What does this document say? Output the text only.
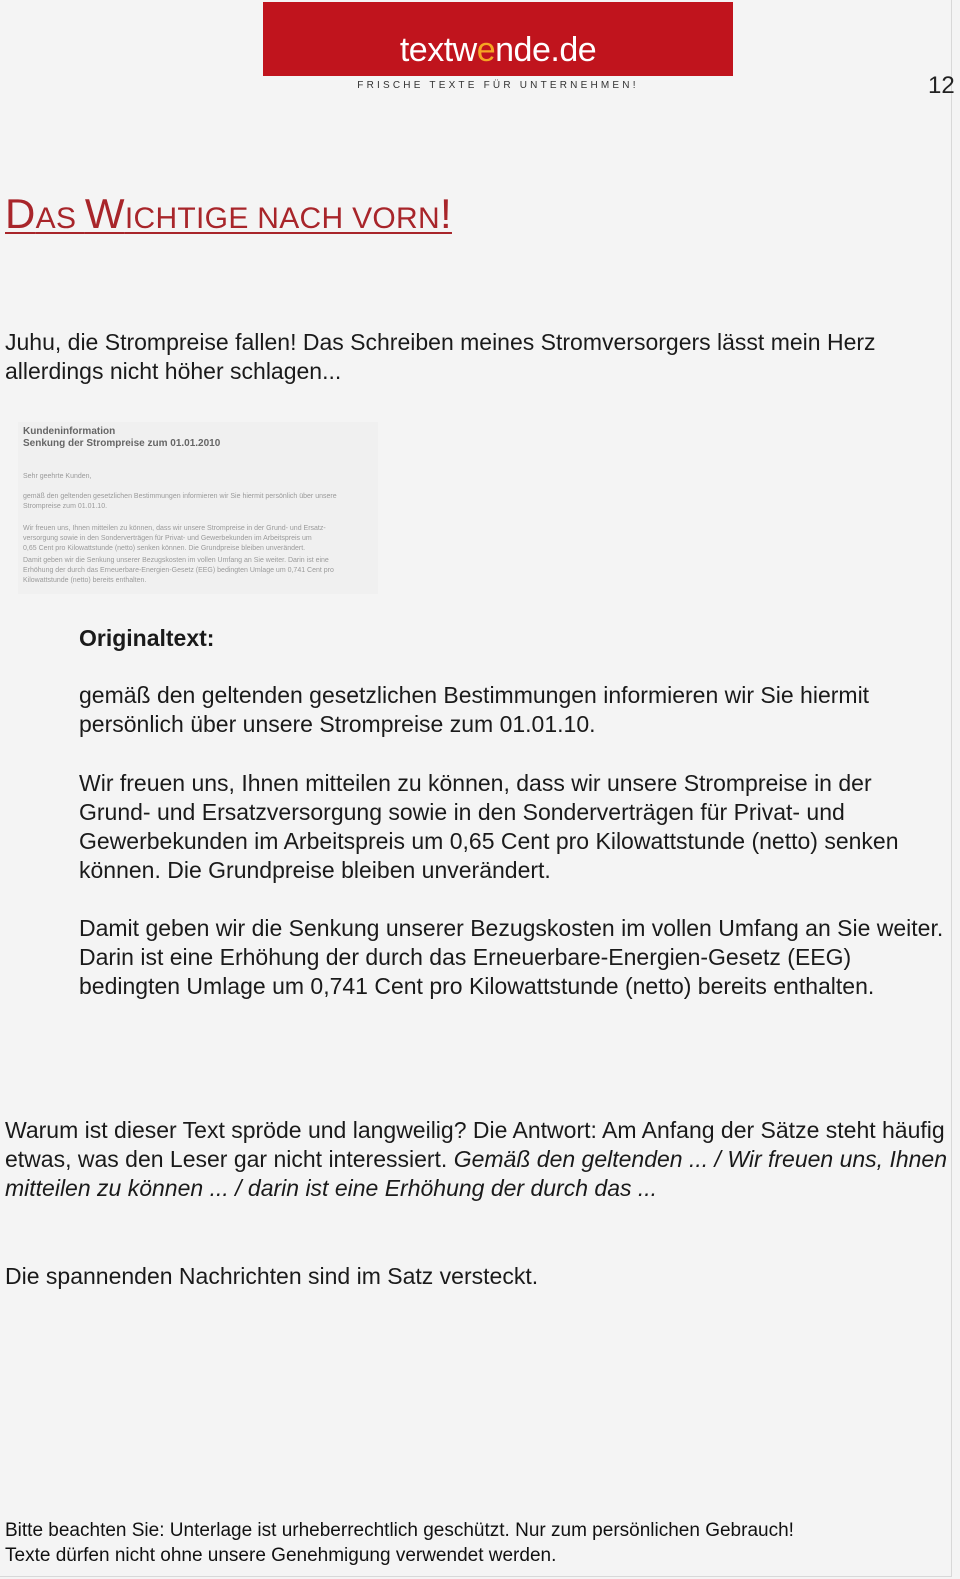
textwende.de
FRISCHE TEXTE FÜR UNTERNEHMEN!	12
DAS WICHTIGE NACH VORN!

Juhu, die Strompreise fallen! Das Schreiben meines Stromversorgers lässt mein Herz allerdings nicht höher schlagen...

Kundeninformation
Senkung der Strompreise zum 01.01.2010
Sehr geehrte Kunden,
gemäß den geltenden gesetzlichen Bestimmungen informieren wir Sie hiermit persönlich über unsere
Strompreise zum 01.01.10.
Wir freuen uns, Ihnen mitteilen zu können, dass wir unsere Strompreise in der Grund- und Ersatz-
versorgung sowie in den Sonderverträgen für Privat- und Gewerbekunden im Arbeitspreis um
0,65 Cent pro Kilowattstunde (netto) senken können. Die Grundpreise bleiben unverändert.
Damit geben wir die Senkung unserer Bezugskosten im vollen Umfang an Sie weiter. Darin ist eine
Erhöhung der durch das Erneuerbare-Energien-Gesetz (EEG) bedingten Umlage um 0,741 Cent pro
Kilowattstunde (netto) bereits enthalten.

Originaltext:

gemäß den geltenden gesetzlichen Bestimmungen informieren wir Sie hiermit persönlich über unsere Strompreise zum 01.01.10.

Wir freuen uns, Ihnen mitteilen zu können, dass wir unsere Strompreise in der Grund- und Ersatzversorgung sowie in den Sonderverträgen für Privat- und Gewerbekunden im Arbeitspreis um 0,65 Cent pro Kilowattstunde (netto) senken können. Die Grundpreise bleiben unverändert.

Damit geben wir die Senkung unserer Bezugskosten im vollen Umfang an Sie weiter. Darin ist eine Erhöhung der durch das Erneuerbare-Energien-Gesetz (EEG) bedingten Umlage um 0,741 Cent pro Kilowattstunde (netto) bereits enthalten.

Warum ist dieser Text spröde und langweilig? Die Antwort: Am Anfang der Sätze steht häufig etwas, was den Leser gar nicht interessiert. Gemäß den geltenden ... / Wir freuen uns, Ihnen mitteilen zu können ... / darin ist eine Erhöhung der durch das ...

Die spannenden Nachrichten sind im Satz versteckt.

Bitte beachten Sie: Unterlage ist urheberrechtlich geschützt. Nur zum persönlichen Gebrauch!
Texte dürfen nicht ohne unsere Genehmigung verwendet werden.
